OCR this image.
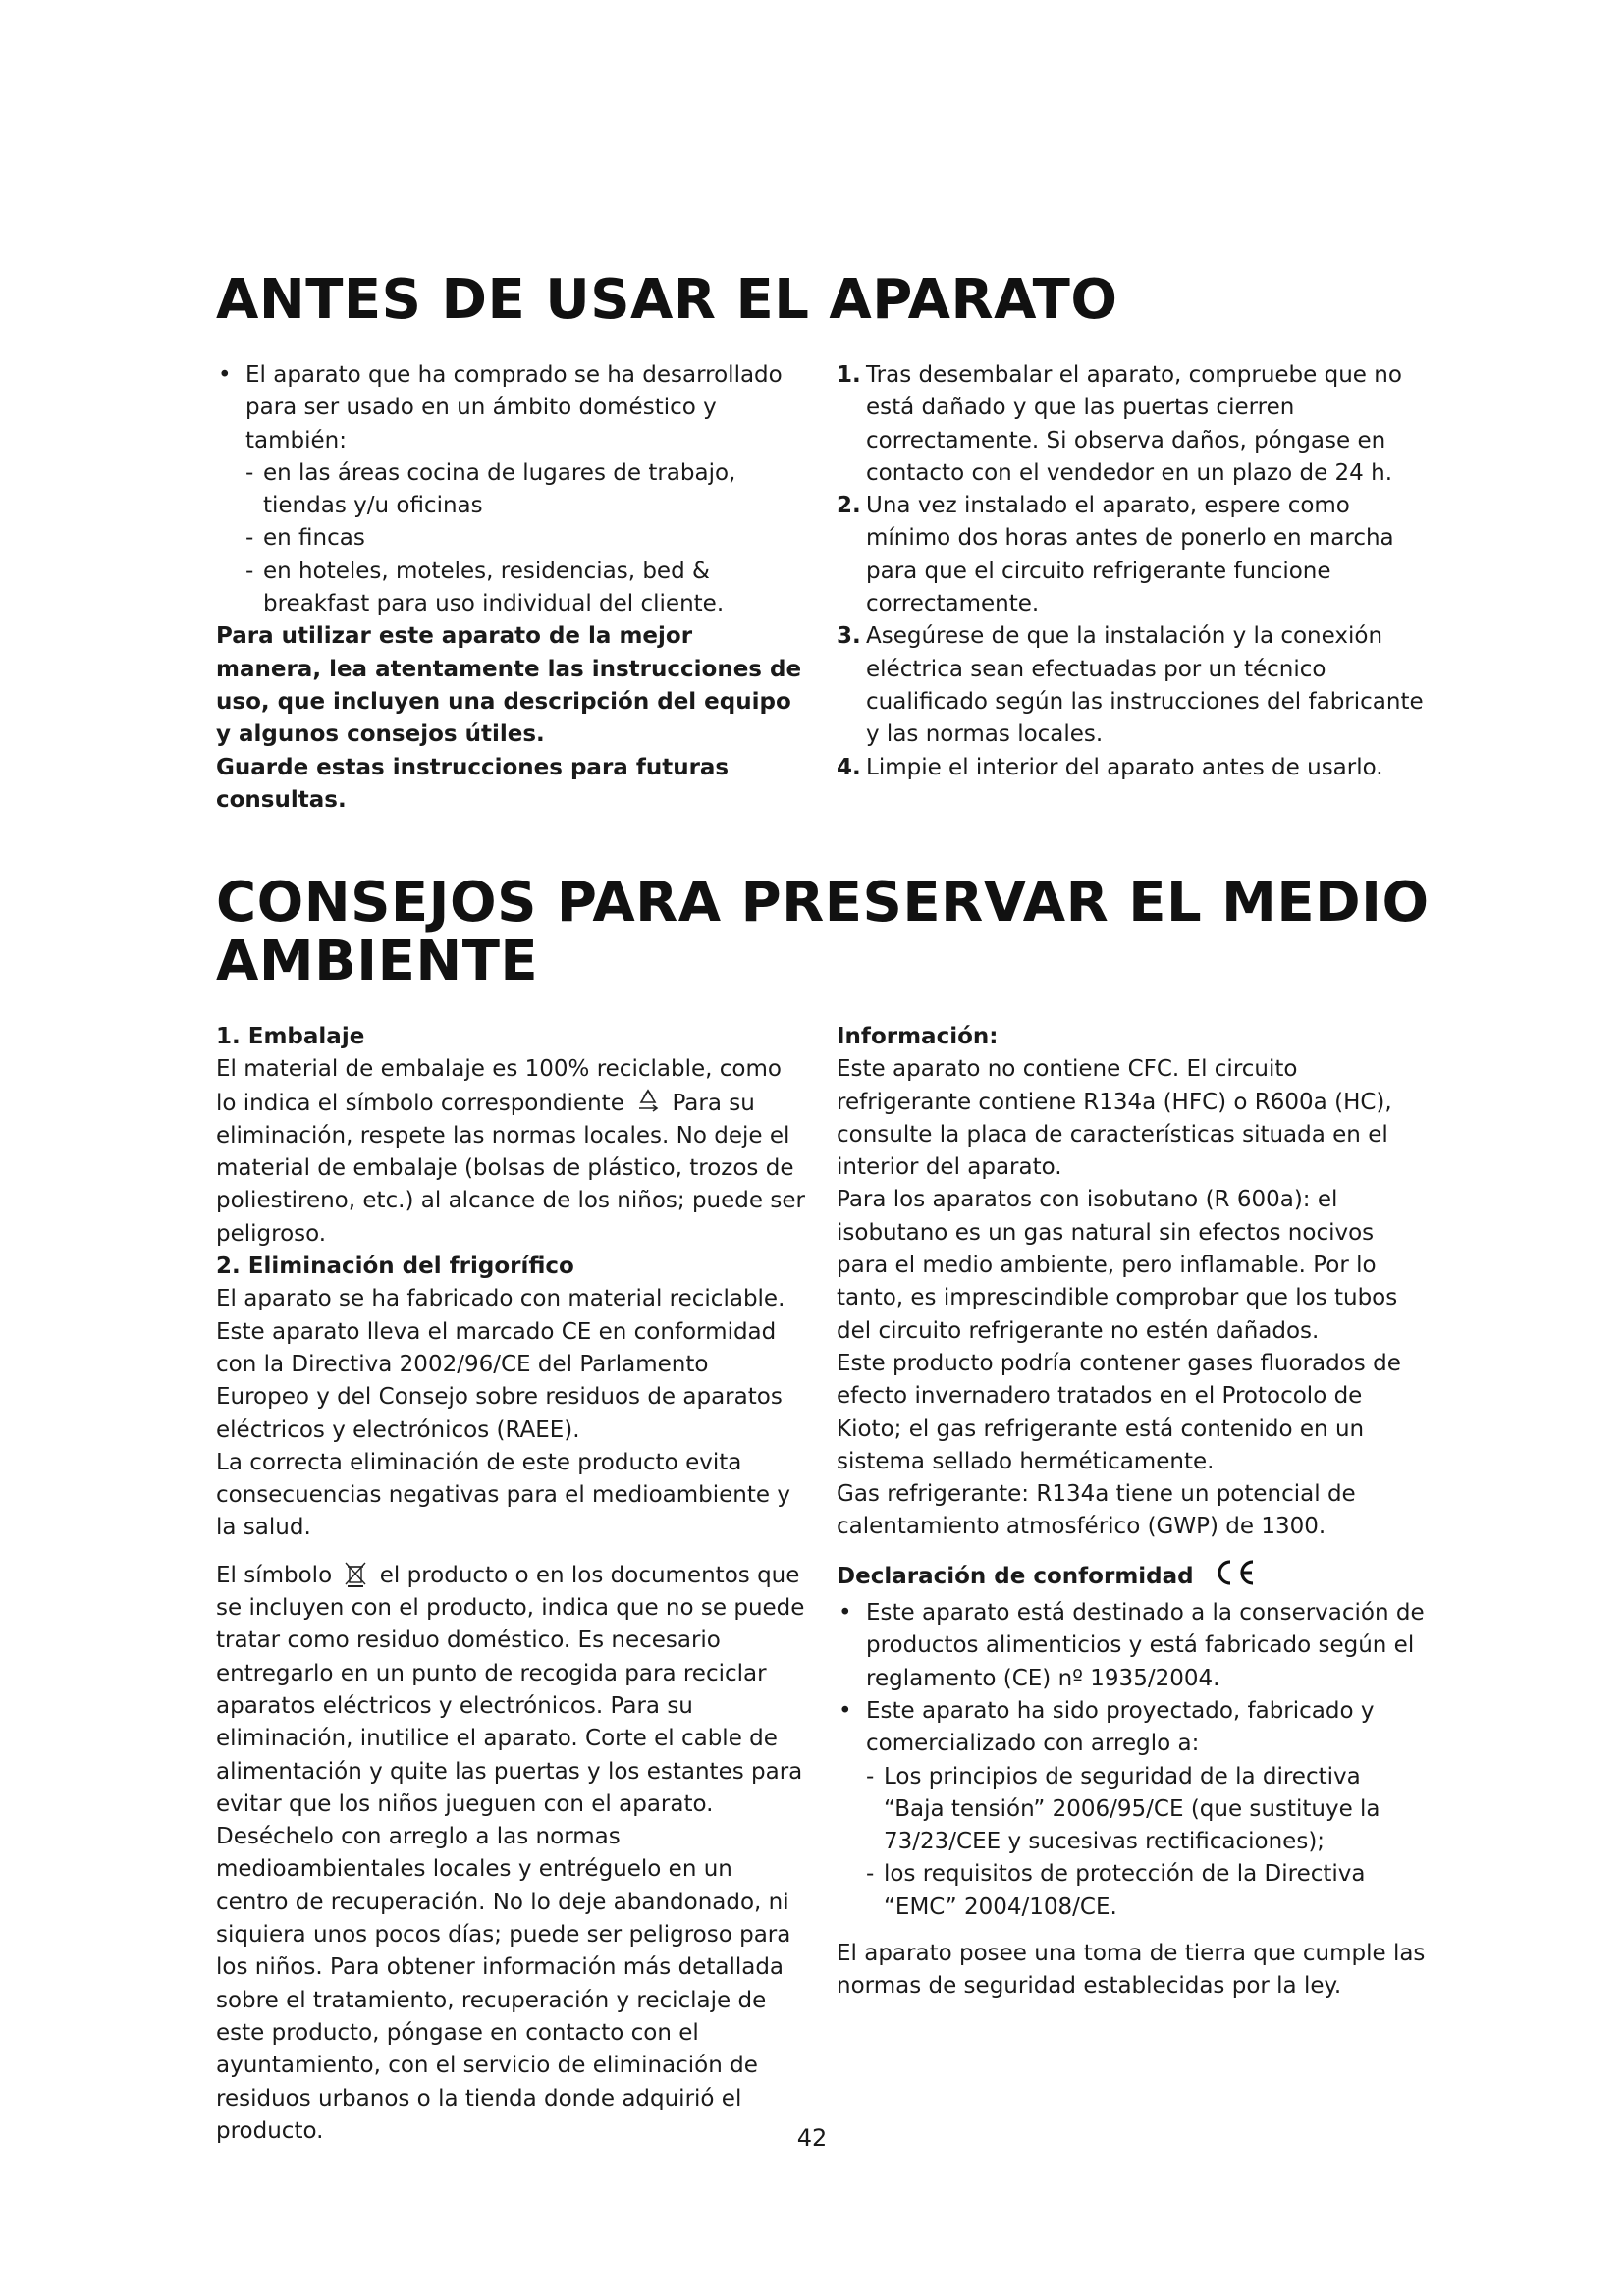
ANTES DE USAR EL APARATO

• El aparato que ha comprado se ha desarrollado para ser usado en un ámbito doméstico y también:

- en las áreas cocina de lugares de trabajo, tiendas y/u oficinas

- en fincas

- en hoteles, moteles, residencias, bed & breakfast para uso individual del cliente.

Para utilizar este aparato de la mejor manera, lea atentamente las instrucciones de uso, que incluyen una descripción del equipo y algunos consejos útiles.

Guarde estas instrucciones para futuras consultas.

1. Tras desembalar el aparato, compruebe que no está dañado y que las puertas cierren correctamente. Si observa daños, póngase en contacto con el vendedor en un plazo de 24 h.

2. Una vez instalado el aparato, espere como mínimo dos horas antes de ponerlo en marcha para que el circuito refrigerante funcione correctamente.

3. Asegúrese de que la instalación y la conexión eléctrica sean efectuadas por un técnico cualificado según las instrucciones del fabricante y las normas locales.

4. Limpie el interior del aparato antes de usarlo.

CONSEJOS PARA PRESERVAR EL MEDIO AMBIENTE

1. Embalaje

El material de embalaje es 100% reciclable, como lo indica el símbolo correspondiente Para su eliminación, respete las normas locales. No deje el material de embalaje (bolsas de plástico, trozos de poliestireno, etc.) al alcance de los niños; puede ser peligroso.

2. Eliminación del frigorífico

El aparato se ha fabricado con material reciclable.

Este aparato lleva el marcado CE en conformidad con la Directiva 2002/96/CE del Parlamento Europeo y del Consejo sobre residuos de aparatos eléctricos y electrónicos (RAEE).

La correcta eliminación de este producto evita consecuencias negativas para el medioambiente y la salud.

El símbolo el producto o en los documentos que se incluyen con el producto, indica que no se puede tratar como residuo doméstico. Es necesario entregarlo en un punto de recogida para reciclar aparatos eléctricos y electrónicos. Para su eliminación, inutilice el aparato. Corte el cable de alimentación y quite las puertas y los estantes para evitar que los niños jueguen con el aparato. Deséchelo con arreglo a las normas medioambientales locales y entréguelo en un centro de recuperación. No lo deje abandonado, ni siquiera unos pocos días; puede ser peligroso para los niños. Para obtener información más detallada sobre el tratamiento, recuperación y reciclaje de este producto, póngase en contacto con el ayuntamiento, con el servicio de eliminación de residuos urbanos o la tienda donde adquirió el producto.

Información:

Este aparato no contiene CFC. El circuito refrigerante contiene R134a (HFC) o R600a (HC), consulte la placa de características situada en el interior del aparato.

Para los aparatos con isobutano (R 600a): el isobutano es un gas natural sin efectos nocivos para el medio ambiente, pero inflamable. Por lo tanto, es imprescindible comprobar que los tubos del circuito refrigerante no estén dañados.

Este producto podría contener gases fluorados de efecto invernadero tratados en el Protocolo de Kioto; el gas refrigerante está contenido en un sistema sellado herméticamente.

Gas refrigerante: R134a tiene un potencial de calentamiento atmosférico (GWP) de 1300.

Declaración de conformidad

• Este aparato está destinado a la conservación de productos alimenticios y está fabricado según el reglamento (CE) nº 1935/2004.

• Este aparato ha sido proyectado, fabricado y comercializado con arreglo a:

- Los principios de seguridad de la directiva “Baja tensión” 2006/95/CE (que sustituye la 73/23/CEE y sucesivas rectificaciones);

- los requisitos de protección de la Directiva “EMC” 2004/108/CE.

El aparato posee una toma de tierra que cumple las normas de seguridad establecidas por la ley.

42
